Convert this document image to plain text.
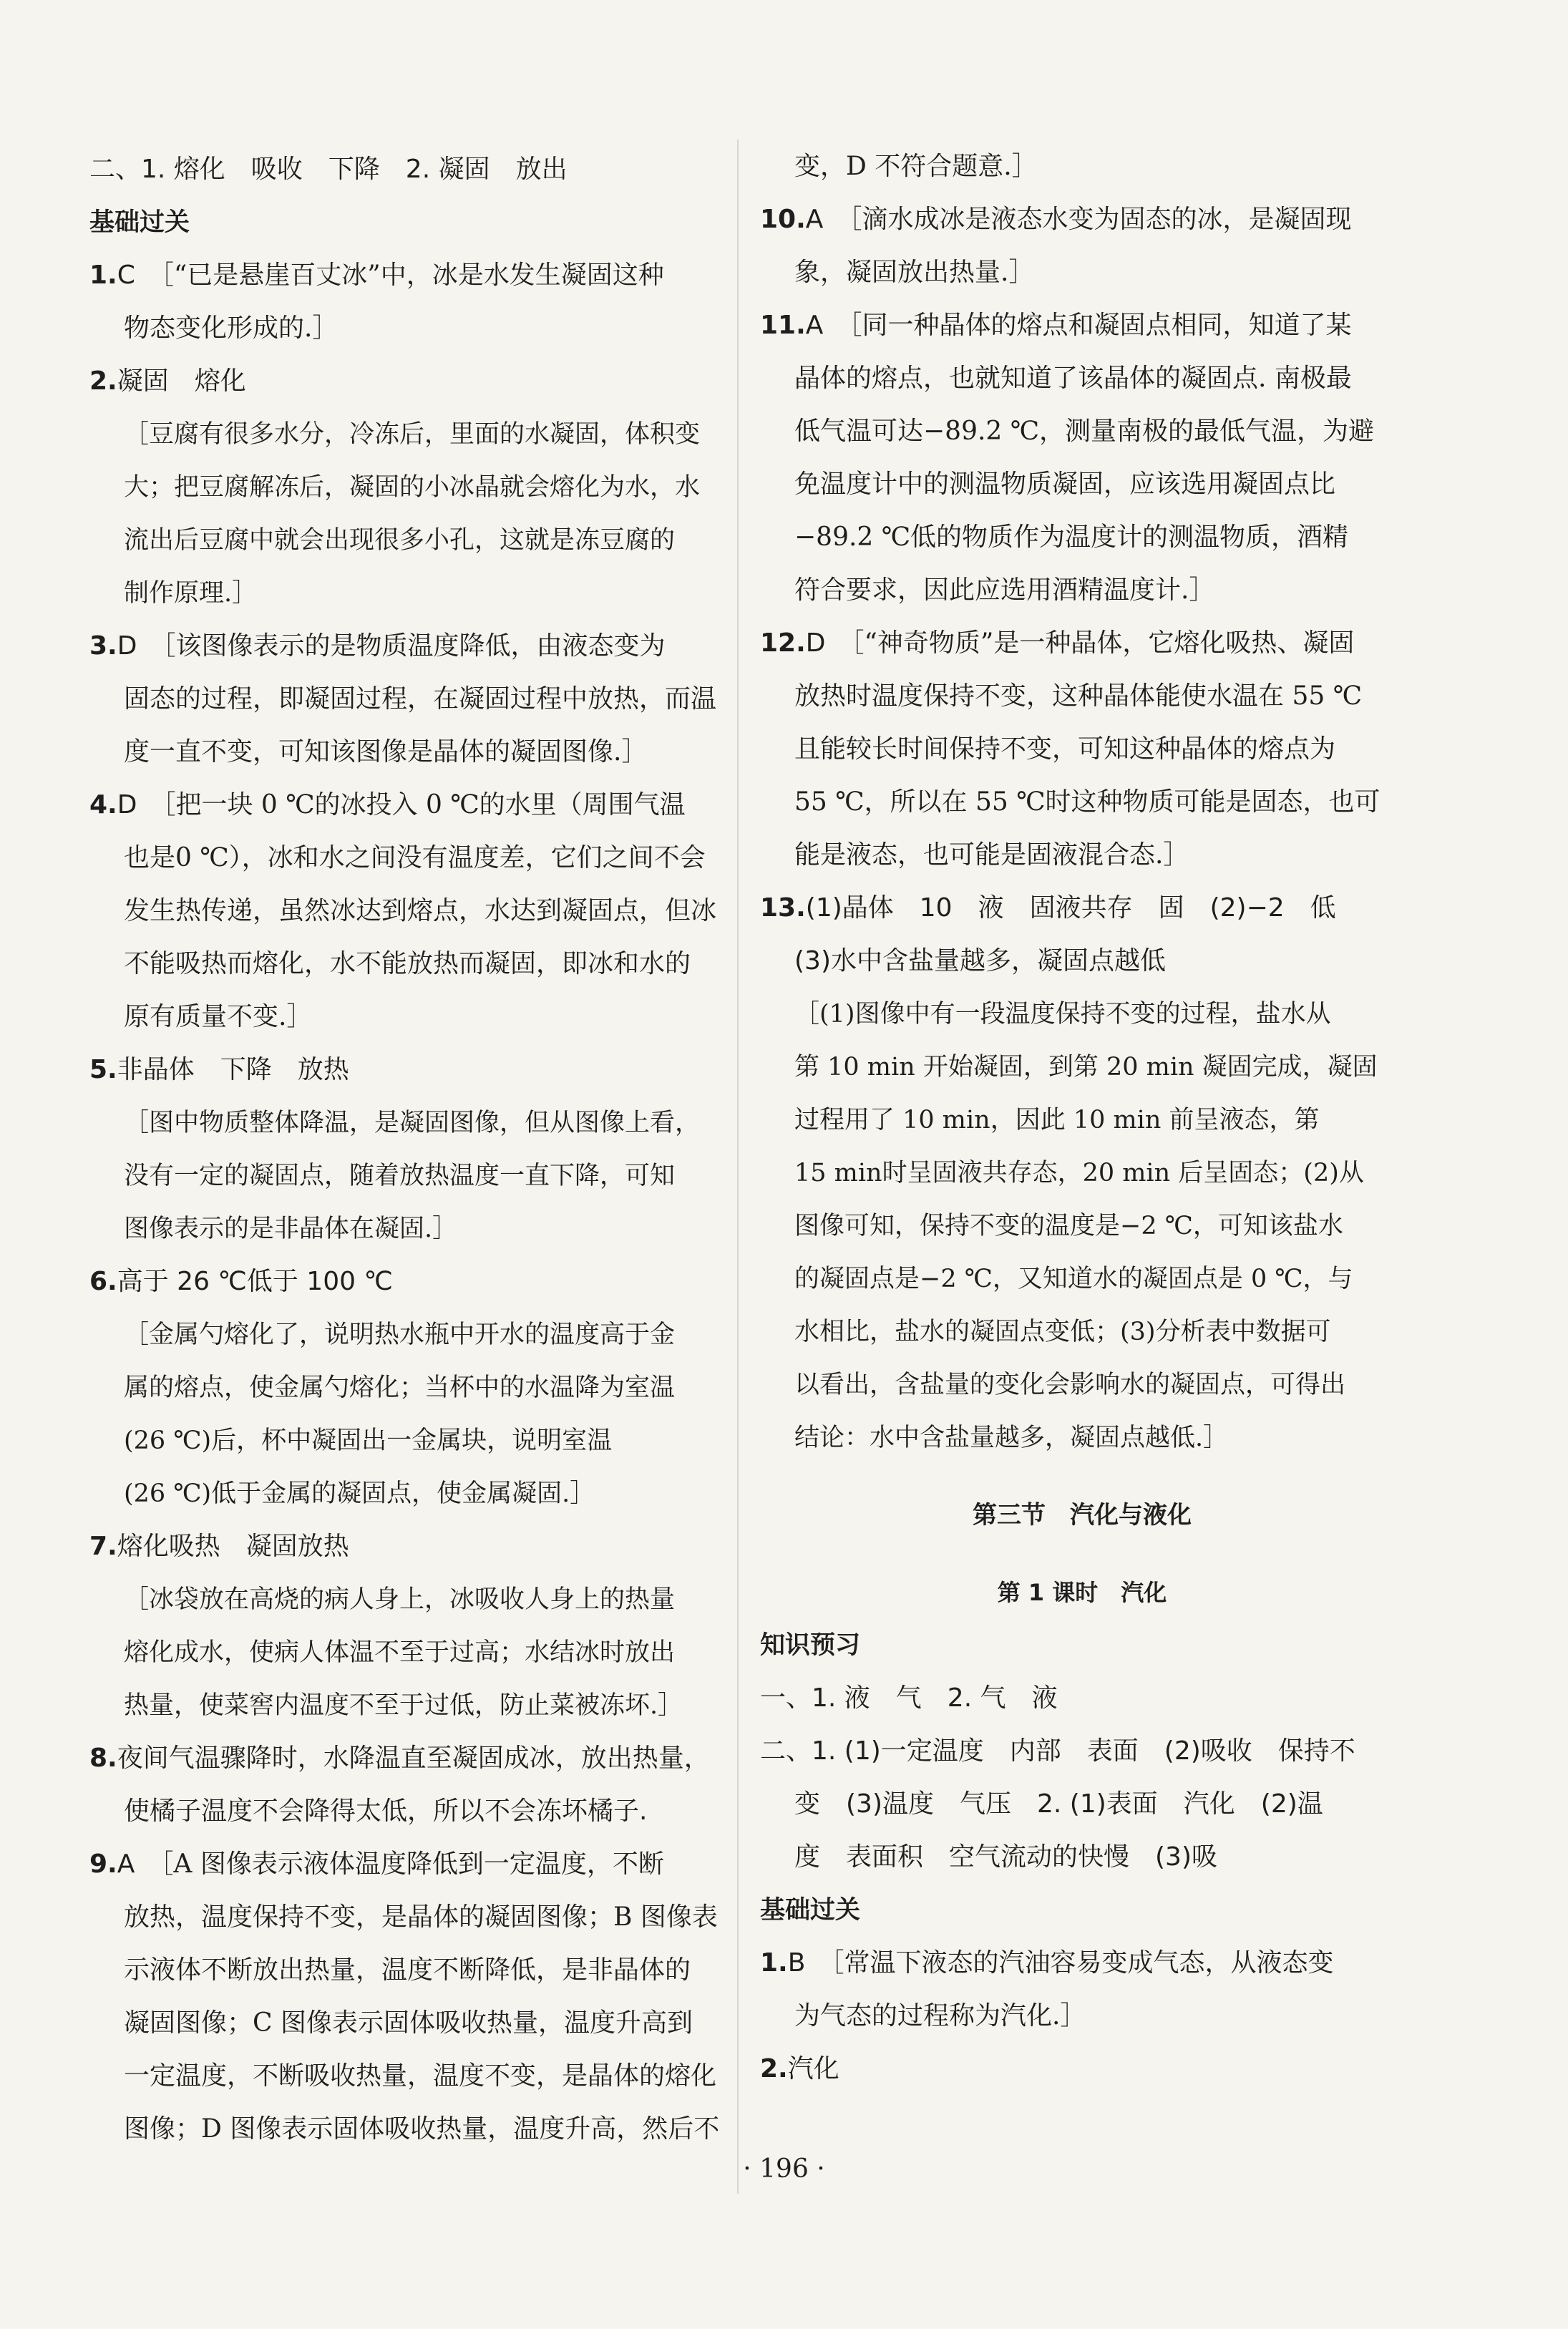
二、1. 熔化　吸收　下降　2. 凝固　放出
基础过关
1.C　 ［“已是悬崖百丈冰”中，冰是水发生凝固这种
物态变化形成的.］
2.凝固　熔化
［豆腐有很多水分，冷冻后，里面的水凝固，体积变
大；把豆腐解冻后，凝固的小冰晶就会熔化为水，水
流出后豆腐中就会出现很多小孔，这就是冻豆腐的
制作原理.］
3.D　 ［该图像表示的是物质温度降低，由液态变为
固态的过程，即凝固过程，在凝固过程中放热，而温
度一直不变，可知该图像是晶体的凝固图像.］
4.D　 ［把一块 0 ℃的冰投入 0 ℃的水里（周围气温
也是0 ℃），冰和水之间没有温度差，它们之间不会
发生热传递，虽然冰达到熔点，水达到凝固点，但冰
不能吸热而熔化，水不能放热而凝固，即冰和水的
原有质量不变.］
5.非晶体　下降　放热
［图中物质整体降温，是凝固图像，但从图像上看，
没有一定的凝固点，随着放热温度一直下降，可知
图像表示的是非晶体在凝固.］
6.高于 26 ℃低于 100 ℃
［金属勺熔化了，说明热水瓶中开水的温度高于金
属的熔点，使金属勺熔化；当杯中的水温降为室温
(26 ℃)后，杯中凝固出一金属块，说明室温
(26 ℃)低于金属的凝固点，使金属凝固.］
7.熔化吸热　凝固放热
［冰袋放在高烧的病人身上，冰吸收人身上的热量
熔化成水，使病人体温不至于过高；水结冰时放出
热量，使菜窖内温度不至于过低，防止菜被冻坏.］
8.夜间气温骤降时，水降温直至凝固成冰，放出热量，
使橘子温度不会降得太低，所以不会冻坏橘子.
9.A　 ［A 图像表示液体温度降低到一定温度，不断
放热，温度保持不变，是晶体的凝固图像；B 图像表
示液体不断放出热量，温度不断降低，是非晶体的
凝固图像；C 图像表示固体吸收热量，温度升高到
一定温度，不断吸收热量，温度不变，是晶体的熔化
图像；D 图像表示固体吸收热量，温度升高，然后不
变，D 不符合题意.］
10.A　 ［滴水成冰是液态水变为固态的冰，是凝固现
象，凝固放出热量.］
11.A　 ［同一种晶体的熔点和凝固点相同，知道了某
晶体的熔点，也就知道了该晶体的凝固点. 南极最
低气温可达−89.2 ℃，测量南极的最低气温，为避
免温度计中的测温物质凝固，应该选用凝固点比
−89.2 ℃低的物质作为温度计的测温物质，酒精
符合要求，因此应选用酒精温度计.］
12.D　 ［“神奇物质”是一种晶体，它熔化吸热、凝固
放热时温度保持不变，这种晶体能使水温在 55 ℃
且能较长时间保持不变，可知这种晶体的熔点为
55 ℃，所以在 55 ℃时这种物质可能是固态，也可
能是液态，也可能是固液混合态.］
13.(1)晶体　10　液　固液共存　固　(2)−2　低
(3)水中含盐量越多，凝固点越低
［(1)图像中有一段温度保持不变的过程，盐水从
第 10 min 开始凝固，到第 20 min 凝固完成，凝固
过程用了 10 min，因此 10 min 前呈液态，第
15 min时呈固液共存态，20 min 后呈固态；(2)从
图像可知，保持不变的温度是−2 ℃，可知该盐水
的凝固点是−2 ℃，又知道水的凝固点是 0 ℃，与
水相比，盐水的凝固点变低；(3)分析表中数据可
以看出，含盐量的变化会影响水的凝固点，可得出
结论：水中含盐量越多，凝固点越低.］
第三节　汽化与液化
第 1 课时　汽化
知识预习
一、1. 液　气　2. 气　液
二、1. (1)一定温度　内部　表面　(2)吸收　保持不
变　(3)温度　气压　2. (1)表面　汽化　(2)温
度　表面积　空气流动的快慢　(3)吸
基础过关
1.B　 ［常温下液态的汽油容易变成气态，从液态变
为气态的过程称为汽化.］
2.汽化
· 196 ·
